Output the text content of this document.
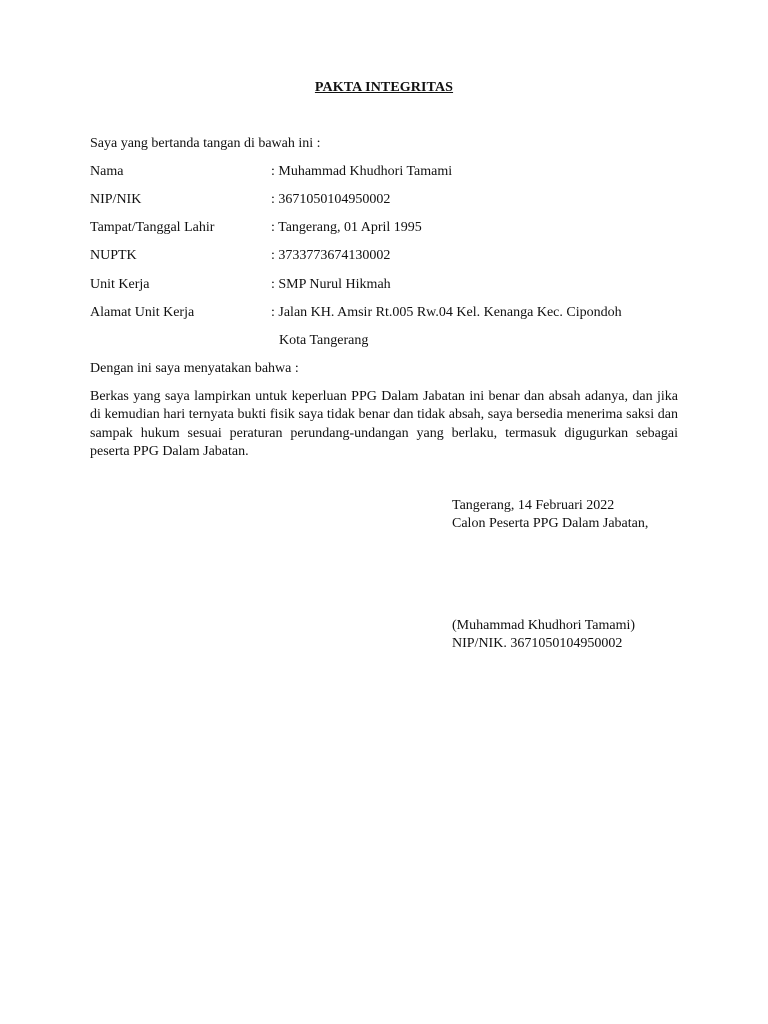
PAKTA INTEGRITAS
Saya yang bertanda tangan di bawah ini :
Nama	: Muhammad Khudhori Tamami
NIP/NIK	: 3671050104950002
Tampat/Tanggal Lahir	: Tangerang, 01 April 1995
NUPTK	: 3733773674130002
Unit Kerja	: SMP Nurul Hikmah
Alamat Unit Kerja	: Jalan KH. Amsir Rt.005 Rw.04 Kel. Kenanga Kec. Cipondoh
Kota Tangerang
Dengan ini saya menyatakan bahwa :
Berkas yang saya lampirkan untuk keperluan PPG Dalam Jabatan ini benar dan absah adanya, dan jika di kemudian hari ternyata bukti fisik saya tidak benar dan tidak absah, saya bersedia menerima saksi dan sampak hukum sesuai peraturan perundang-undangan yang berlaku, termasuk digugurkan sebagai peserta PPG Dalam Jabatan.
Tangerang, 14 Februari 2022
Calon Peserta PPG Dalam Jabatan,
(Muhammad Khudhori Tamami)
NIP/NIK. 3671050104950002
